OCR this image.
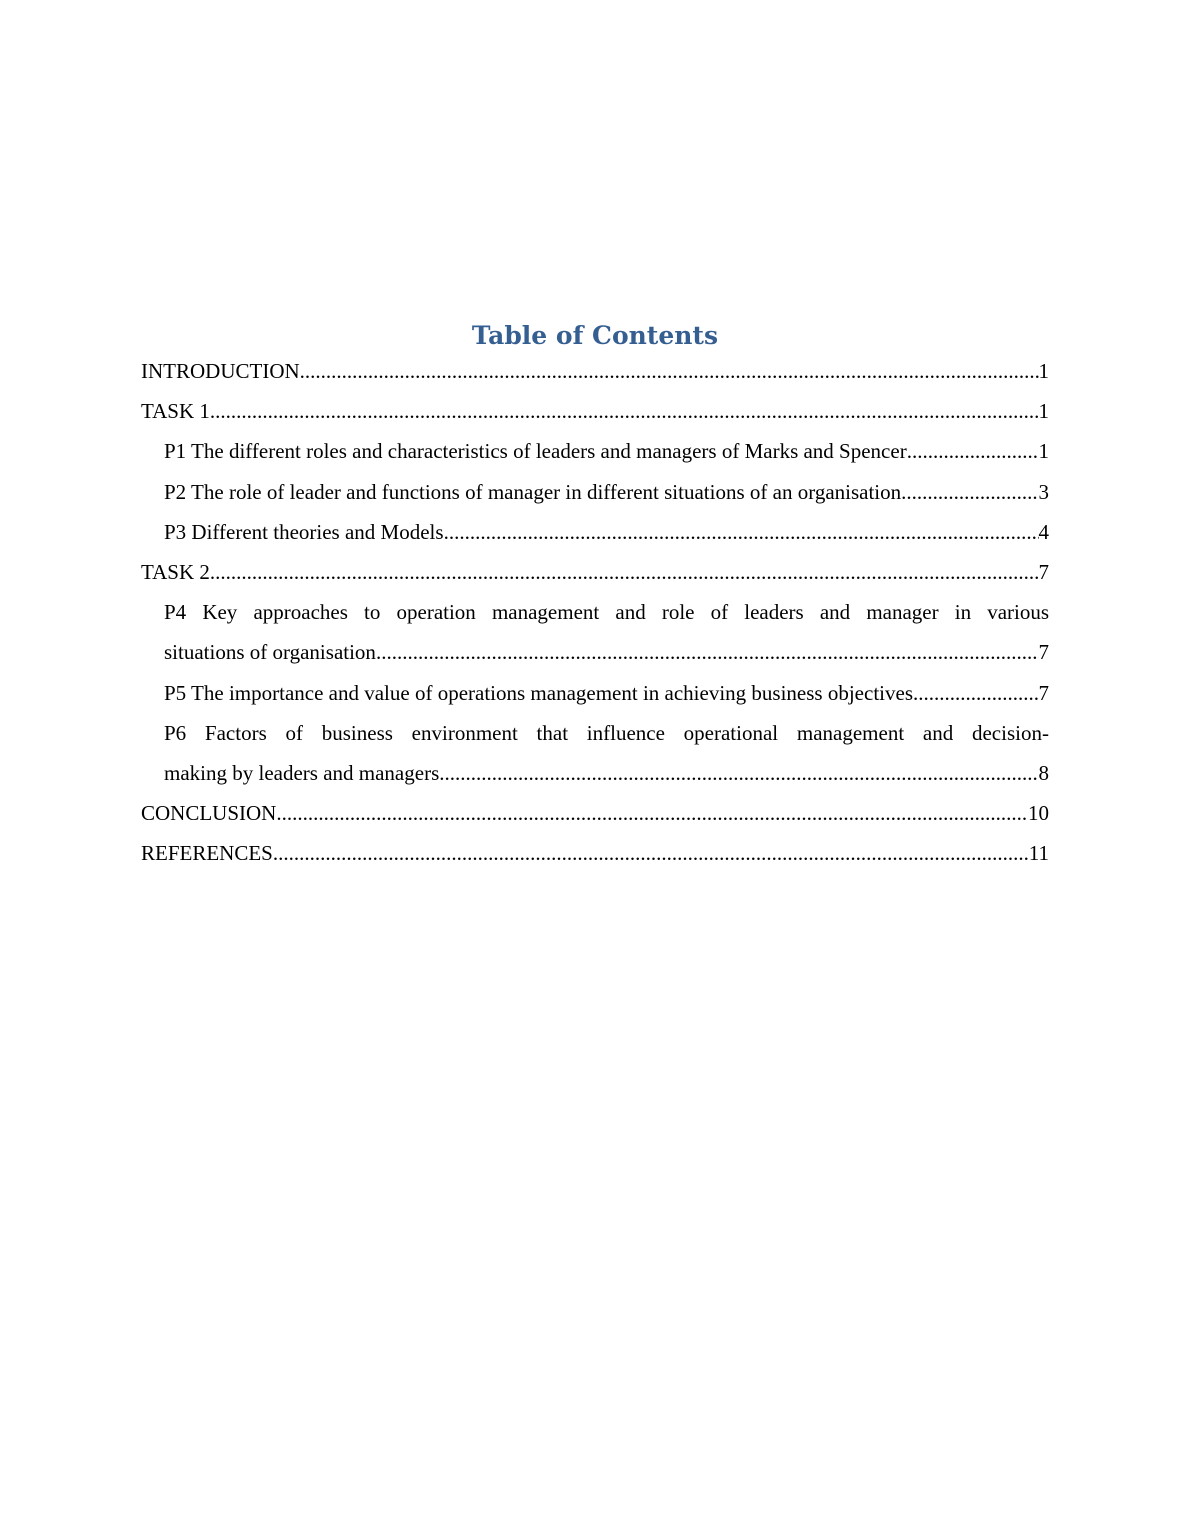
Table of Contents
INTRODUCTION .....	1
TASK 1 .....	1
P1 The different roles and characteristics of leaders and managers of Marks and Spencer .....	1
P2 The role of leader and functions of manager in different situations of an organisation .....	3
P3 Different theories and Models .....	4
TASK 2 .....	7
P4 Key approaches to operation management and role of leaders and manager in various
situations of organisation .....	7
P5 The importance and value of operations management in achieving business objectives .....	7
P6 Factors of business environment that influence operational management and decision-
making by leaders and managers .....	8
CONCLUSION .....	10
REFERENCES .....	11
